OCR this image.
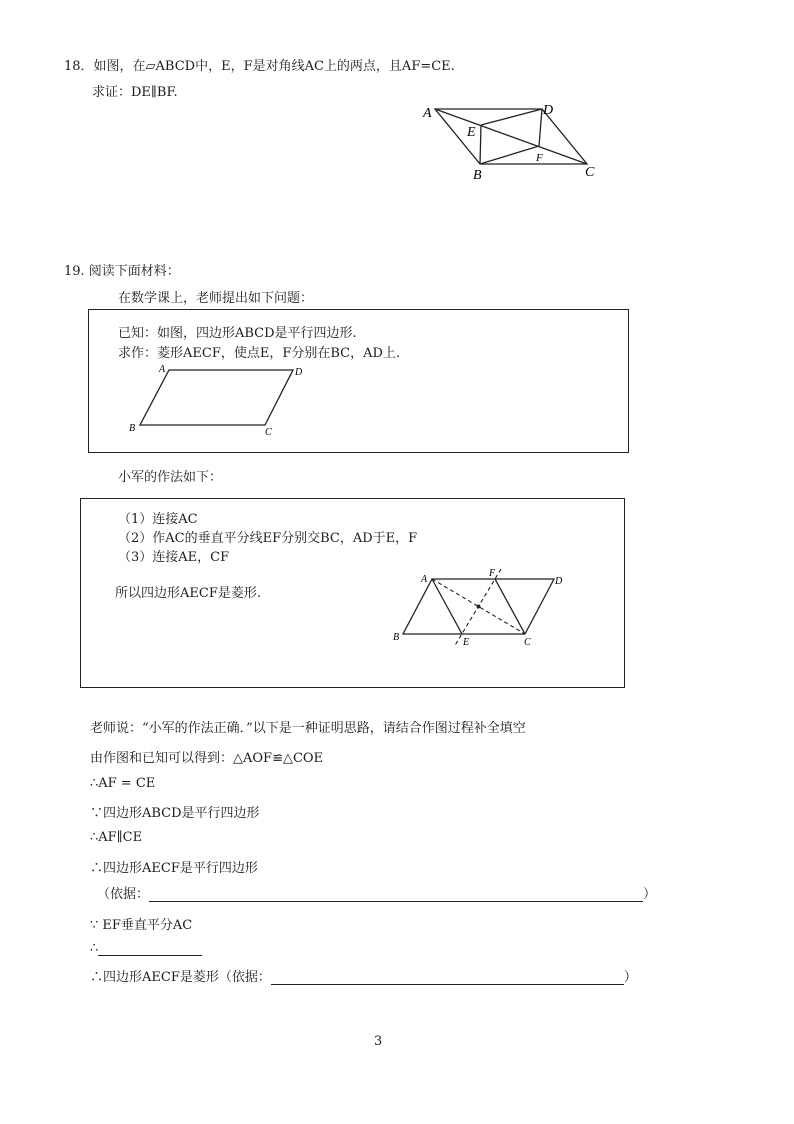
18．如图，在▱ABCD中，E，F是对角线AC上的两点，且AF=CE.
求证：DE∥BF.
A	D
E
F
B	C
19. 阅读下面材料：
在数学课上，老师提出如下问题：
已知：如图，四边形ABCD是平行四边形.
求作：菱形AECF，使点E，F分别在BC，AD上.
A	D
B	C
小军的作法如下：
（1）连接AC
（2）作AC的垂直平分线EF分别交BC，AD于E，F
（3）连接AE，CF
所以四边形AECF是菱形.
A
F
D
B	E	C
老师说：“小军的作法正确．”以下是一种证明思路，请结合作图过程补全填空
由作图和已知可以得到：△AOF≌△COE
∴AF = CE
∵四边形ABCD是平行四边形
∴AF∥CE
∴四边形AECF是平行四边形
（依据：	）
∵ EF垂直平分AC
∴
∴四边形AECF是菱形（依据：	）
3
